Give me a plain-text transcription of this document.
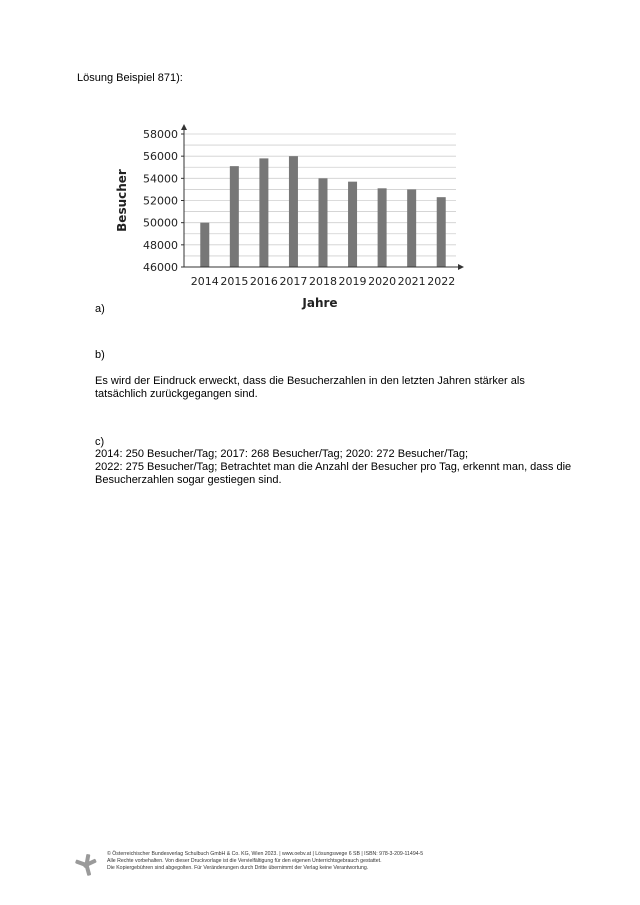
Lösung Beispiel 871):

58000
56000
54000
52000
50000
48000
46000
2014 2015 2016 2017 2018 2019 2020 2021 2022
Besucher
Jahre

a)

b)

Es wird der Eindruck erweckt, dass die Besucherzahlen in den letzten Jahren stärker als tatsächlich zurückgegangen sind.

c)

2014: 250 Besucher/Tag; 2017: 268 Besucher/Tag; 2020: 272 Besucher/Tag;

2022: 275 Besucher/Tag; Betrachtet man die Anzahl der Besucher pro Tag, erkennt man, dass die Besucherzahlen sogar gestiegen sind.

© Österreichischer Bundesverlag Schulbuch GmbH & Co. KG, Wien 2023. | www.oebv.at | Lösungswege 6 SB | ISBN: 978-3-209-11494-5
Alle Rechte vorbehalten. Von dieser Druckvorlage ist die Vervielfältigung für den eigenen Unterrichtsgebrauch gestattet.
Die Kopiergebühren sind abgegolten. Für Veränderungen durch Dritte übernimmt der Verlag keine Verantwortung.
